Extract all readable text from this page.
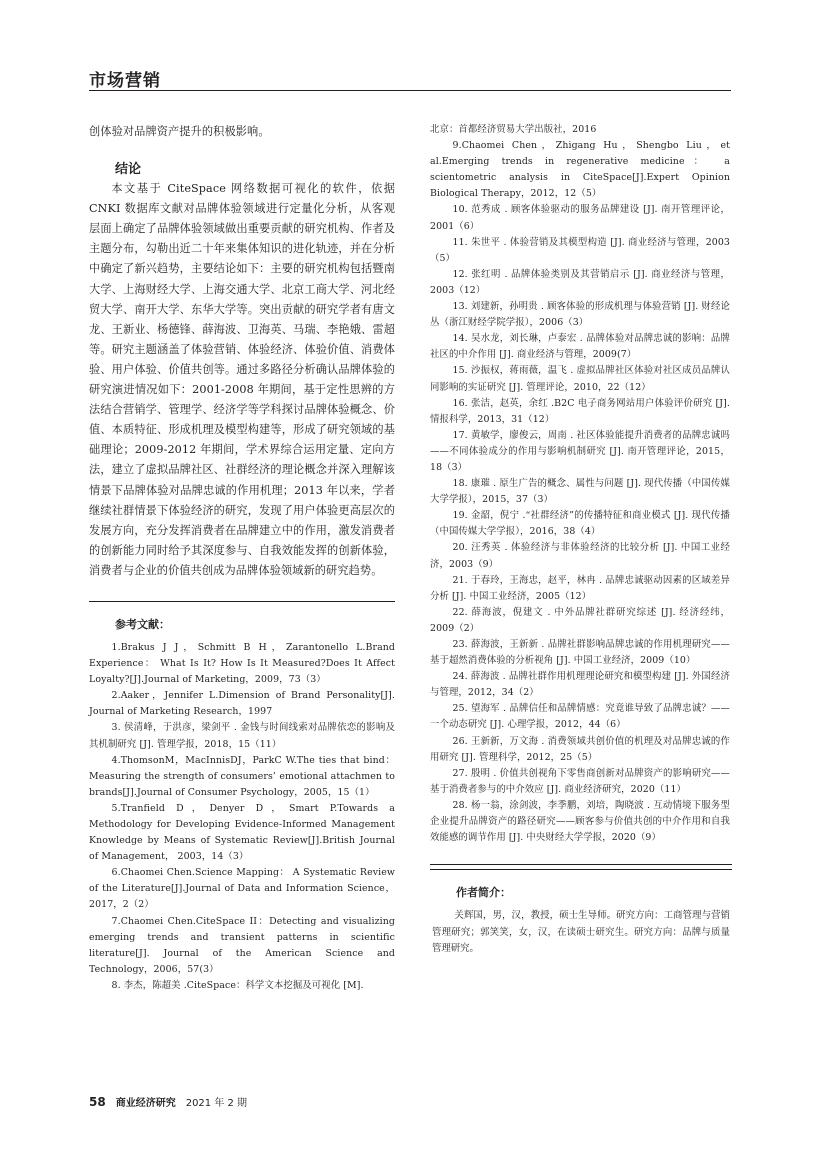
市场营销

创体验对品牌资产提升的积极影响。

结论

本文基于 CiteSpace 网络数据可视化的软件，依据 CNKI 数据库文献对品牌体验领域进行定量化分析，从客观层面上确定了品牌体验领域做出重要贡献的研究机构、作者及主题分布，勾勒出近二十年来集体知识的进化轨迹，并在分析中确定了新兴趋势，主要结论如下：主要的研究机构包括暨南大学、上海财经大学、上海交通大学、北京工商大学、河北经贸大学、南开大学、东华大学等。突出贡献的研究学者有唐文龙、王新业、杨德锋、薛海波、卫海英、马瑞、李艳娥、雷超等。研究主题涵盖了体验营销、体验经济、体验价值、消费体验、用户体验、价值共创等。通过多路径分析确认品牌体验的研究演进情况如下：2001-2008 年期间，基于定性思辨的方法结合营销学、管理学、经济学等学科探讨品牌体验概念、价值、本质特征、形成机理及模型构建等，形成了研究领域的基础理论；2009-2012 年期间，学术界综合运用定量、定向方法，建立了虚拟品牌社区、社群经济的理论概念并深入理解该情景下品牌体验对品牌忠诚的作用机理；2013 年以来，学者继续社群情景下体验经济的研究，发现了用户体验更高层次的发展方向，充分发挥消费者在品牌建立中的作用，激发消费者的创新能力同时给予其深度参与、自我效能发挥的创新体验，消费者与企业的价值共创成为品牌体验领域新的研究趋势。

参考文献：
1.Brakus J J，Schmitt B H，Zarantonello L.Brand Experience： What Is It? How Is It Measured?Does It Affect Loyalty?[J].Journal of Marketing，2009，73（3）
2.Aaker，Jennifer L.Dimension of Brand Personality[J]. Journal of Marketing Research，1997
3. 侯清峰，于洪彦，梁剑平 . 金钱与时间线索对品牌依恋的影响及其机制研究 [J]. 管理学报，2018，15（11）
4.ThomsonM，MacInnisDJ，ParkC W.The ties that bind：Measuring the strength of consumers’ emotional attachmen to brands[J].Journal of Consumer Psychology，2005，15（1）
5.Tranfield D，Denyer D，Smart P.Towards a Methodology for Developing Evidence-Informed Management Knowledge by Means of Systematic Review[J].British Journal of Management， 2003，14（3）
6.Chaomei Chen.Science Mapping： A Systematic Review of the Literature[J].Journal of Data and Information Science，2017，2（2）
7.Chaomei Chen.CiteSpace II：Detecting and visualizing emerging trends and transient patterns in scientific literature[J]. Journal of the American Science and Technology，2006，57(3）
8. 李杰，陈超美 .CiteSpace：科学文本挖掘及可视化 [M].
北京：首都经济贸易大学出版社，2016
9.Chaomei Chen，Zhigang Hu，Shengbo Liu，et al.Emerging trends in regenerative medicine： a scientometric analysis in CiteSpace[J].Expert Opinion Biological Therapy，2012，12（5）
10. 范秀成 . 顾客体验驱动的服务品牌建设 [J]. 南开管理评论，2001（6）
11. 朱世平 . 体验营销及其模型构造 [J]. 商业经济与管理，2003（5）
12. 张红明 . 品牌体验类别及其营销启示 [J]. 商业经济与管理，2003（12）
13. 刘建新，孙明贵 . 顾客体验的形成机理与体验营销 [J]. 财经论丛（浙江财经学院学报），2006（3）
14. 吴水龙，刘长琳，卢泰宏 . 品牌体验对品牌忠诚的影响：品牌社区的中介作用 [J]. 商业经济与管理，2009(7）
15. 沙振权，蒋雨薇，温飞 . 虚拟品牌社区体验对社区成员品牌认同影响的实证研究 [J]. 管理评论，2010，22（12）
16. 张洁，赵英，余红 .B2C 电子商务网站用户体验评价研究 [J]. 情报科学，2013，31（12）
17. 黄敏学，廖俊云，周南 . 社区体验能提升消费者的品牌忠诚吗——不同体验成分的作用与影响机制研究 [J]. 南开管理评论，2015，18（3）
18. 康璀 . 原生广告的概念、属性与问题 [J]. 现代传播（中国传媒大学学报），2015，37（3）
19. 金韶，倪宁 .“社群经济”的传播特征和商业模式 [J]. 现代传播（中国传媒大学学报），2016，38（4）
20. 汪秀英 . 体验经济与非体验经济的比较分析 [J]. 中国工业经济，2003（9）
21. 于春玲，王海忠，赵平，林冉 . 品牌忠诚驱动因素的区域差异分析 [J]. 中国工业经济，2005（12）
22. 薛海波，倪建文 . 中外品牌社群研究综述 [J]. 经济经纬，2009（2）
23. 薛海波，王新新 . 品牌社群影响品牌忠诚的作用机理研究——基于超然消费体验的分析视角 [J]. 中国工业经济，2009（10）
24. 薛海波 . 品牌社群作用机理理论研究和模型构建 [J]. 外国经济与管理，2012，34（2）
25. 望海军 . 品牌信任和品牌情感：究竟谁导致了品牌忠诚？——一个动态研究 [J]. 心理学报，2012，44（6）
26. 王新新，万文海 . 消费领域共创价值的机理及对品牌忠诚的作用研究 [J]. 管理科学，2012，25（5）
27. 殷明 . 价值共创视角下零售商创新对品牌资产的影响研究——基于消费者参与的中介效应 [J]. 商业经济研究，2020（11）
28. 杨一翁，涂剑波，李季鹏，刘培，陶晓波 . 互动情境下服务型企业提升品牌资产的路径研究——顾客参与价值共创的中介作用和自我效能感的调节作用 [J]. 中央财经大学学报，2020（9）
作者简介：

关辉国，男，汉，教授，硕士生导师。研究方向：工商管理与营销管理研究；郭笑笑，女，汉，在读硕士研究生。研究方向：品牌与质量管理研究。

58 商业经济研究 2021 年 2 期
